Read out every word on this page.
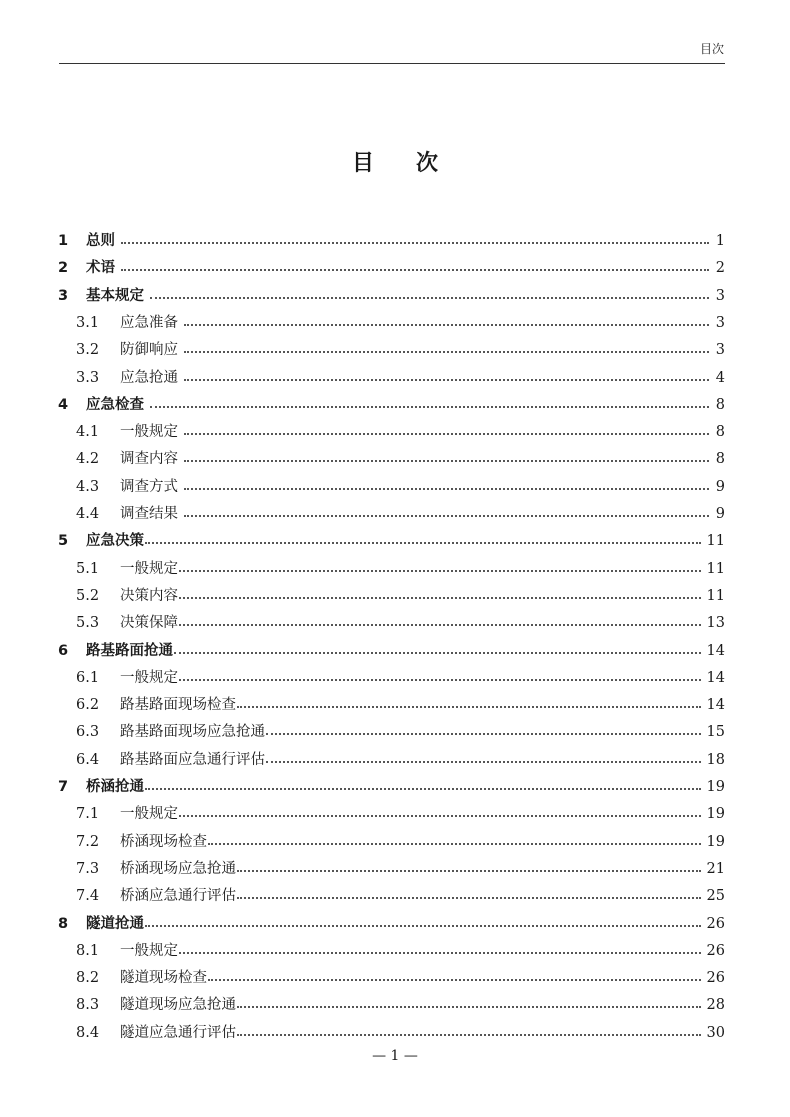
目次
目次
1	总则	1
2	术语	2
3	基本规定	3
3.1	应急准备	3
3.2	防御响应	3
3.3	应急抢通	4
4	应急检查	8
4.1	一般规定	8
4.2	调查内容	8
4.3	调查方式	9
4.4	调查结果	9
5	应急决策	11
5.1	一般规定	11
5.2	决策内容	11
5.3	决策保障	13
6	路基路面抢通	14
6.1	一般规定	14
6.2	路基路面现场检查	14
6.3	路基路面现场应急抢通	15
6.4	路基路面应急通行评估	18
7	桥涵抢通	19
7.1	一般规定	19
7.2	桥涵现场检查	19
7.3	桥涵现场应急抢通	21
7.4	桥涵应急通行评估	25
8	隧道抢通	26
8.1	一般规定	26
8.2	隧道现场检查	26
8.3	隧道现场应急抢通	28
8.4	隧道应急通行评估	30
— 1 —
